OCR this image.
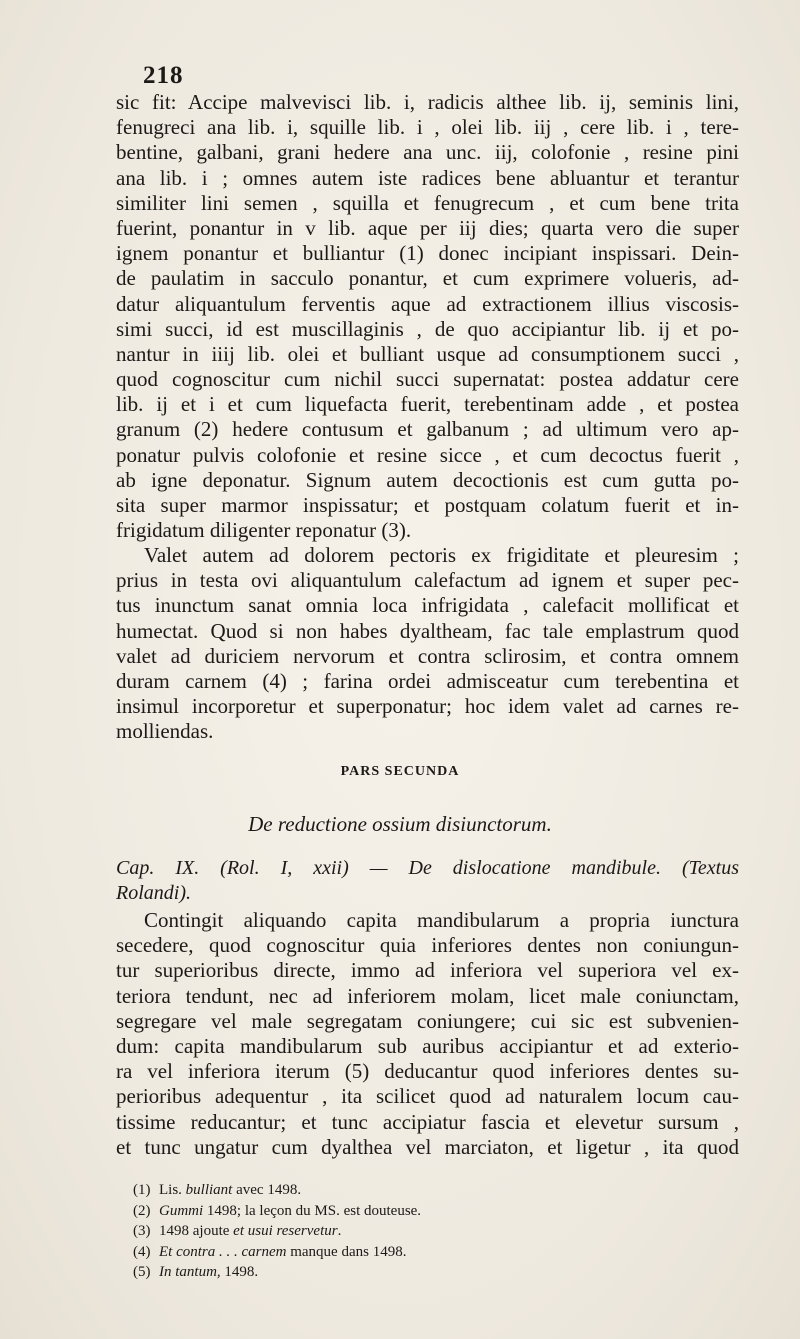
218
sic fit: Accipe malvevisci lib. i, radicis althee lib. ij, seminis lini,
fenugreci ana lib. i, squille lib. i , olei lib. iij , cere lib. i , tere-
bentine, galbani, grani hedere ana unc. iij, colofonie , resine pini
ana lib. i ; omnes autem iste radices bene abluantur et terantur
similiter lini semen , squilla et fenugrecum , et cum bene trita
fuerint, ponantur in v lib. aque per iij dies; quarta vero die super
ignem ponantur et bulliantur (1) donec incipiant inspissari. Dein-
de paulatim in sacculo ponantur, et cum exprimere volueris, ad-
datur aliquantulum ferventis aque ad extractionem illius viscosis-
simi succi, id est muscillaginis , de quo accipiantur lib. ij et po-
nantur in iiij lib. olei et bulliant usque ad consumptionem succi ,
quod cognoscitur cum nichil succi supernatat: postea addatur cere
lib. ij et i et cum liquefacta fuerit, terebentinam adde , et postea
granum (2) hedere contusum et galbanum ; ad ultimum vero ap-
ponatur pulvis colofonie et resine sicce , et cum decoctus fuerit ,
ab igne deponatur. Signum autem decoctionis est cum gutta po-
sita super marmor inspissatur; et postquam colatum fuerit et in-
frigidatum diligenter reponatur (3).
Valet autem ad dolorem pectoris ex frigiditate et pleuresim ;
prius in testa ovi aliquantulum calefactum ad ignem et super pec-
tus inunctum sanat omnia loca infrigidata , calefacit mollificat et
humectat. Quod si non habes dyaltheam, fac tale emplastrum quod
valet ad duriciem nervorum et contra sclirosim, et contra omnem
duram carnem (4) ; farina ordei admisceatur cum terebentina et
insimul incorporetur et superponatur; hoc idem valet ad carnes re-
molliendas.
PARS SECUNDA
De reductione ossium disiunctorum.
Cap. IX. (Rol. I, xxii) — De dislocatione mandibule. (Textus
Rolandi).
Contingit aliquando capita mandibularum a propria iunctura
secedere, quod cognoscitur quia inferiores dentes non coniungun-
tur superioribus directe, immo ad inferiora vel superiora vel ex-
teriora tendunt, nec ad inferiorem molam, licet male coniunctam,
segregare vel male segregatam coniungere; cui sic est subvenien-
dum: capita mandibularum sub auribus accipiantur et ad exterio-
ra vel inferiora iterum (5) deducantur quod inferiores dentes su-
perioribus adequentur , ita scilicet quod ad naturalem locum cau-
tissime reducantur; et tunc accipiatur fascia et elevetur sursum ,
et tunc ungatur cum dyalthea vel marciaton, et ligetur , ita quod
(1) Lis. bulliant avec 1498.
(2) Gummi 1498; la leçon du MS. est douteuse.
(3) 1498 ajoute et usui reservetur.
(4) Et contra . . . carnem manque dans 1498.
(5) In tantum, 1498.
